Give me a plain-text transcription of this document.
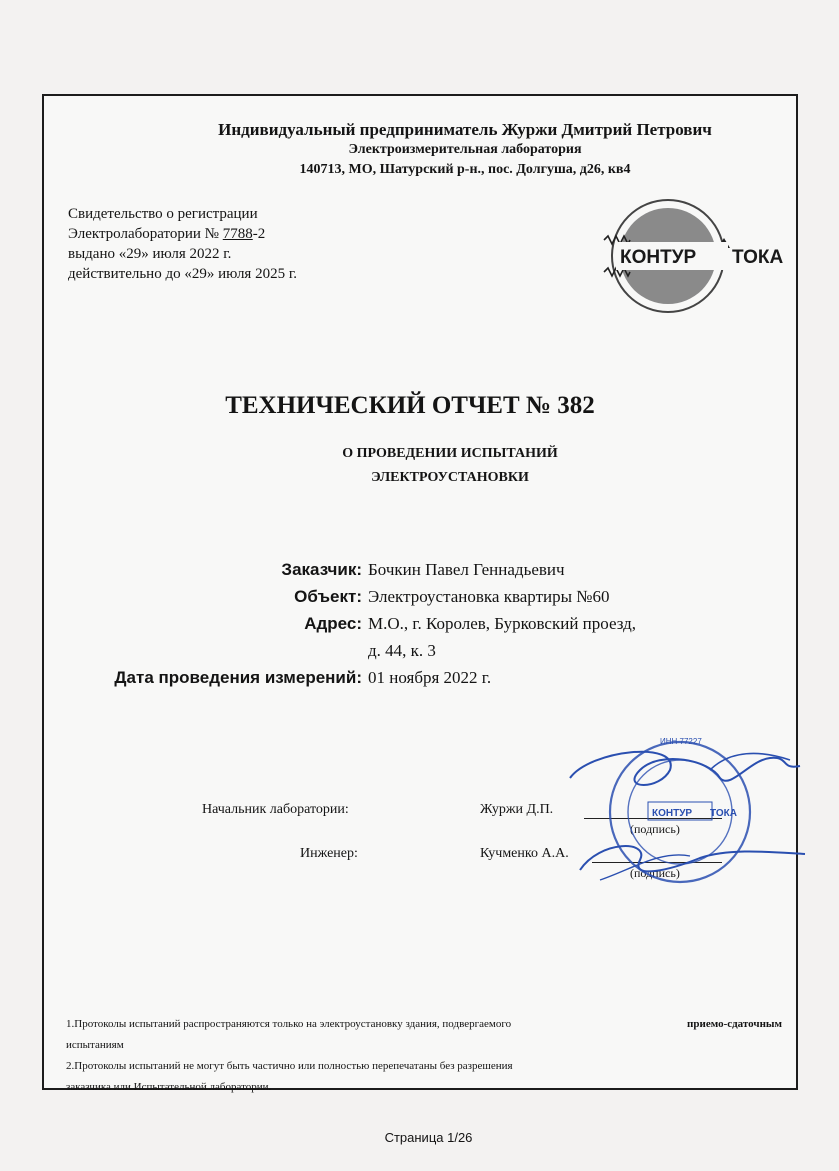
Индивидуальный предприниматель Журжи Дмитрий Петрович
Электроизмерительная лаборатория
140713, МО, Шатурский р-н., пос. Долгуша, д26, кв4
Свидетельство о регистрации
Электролаборатории № 7788-2
выдано «29» июля 2022 г.
действительно до «29» июля 2025 г.
КОНТУР ТОКА
ТЕХНИЧЕСКИЙ ОТЧЕТ № 382
О ПРОВЕДЕНИИ ИСПЫТАНИЙ
ЭЛЕКТРОУСТАНОВКИ
Заказчик: Бочкин Павел Геннадьевич
Объект: Электроустановка квартиры №60
Адрес: М.О., г. Королев, Бурковский проезд,
д. 44, к. 3
Дата проведения измерений: 01 ноября 2022 г.
Начальник лаборатории:	Журжи Д.П.
(подпись)
Инженер:	Кучменко А.А.
(подпись)
1.Протоколы испытаний распространяются только на электроустановку здания, подвергаемого	приемо-сдаточным
испытаниям
2.Протоколы испытаний не могут быть частично или полностью перепечатаны без разрешения
заказчика или Испытательной лаборатории.
ИНН 77227
КОНТУР ТОКА
Страница 1/26
